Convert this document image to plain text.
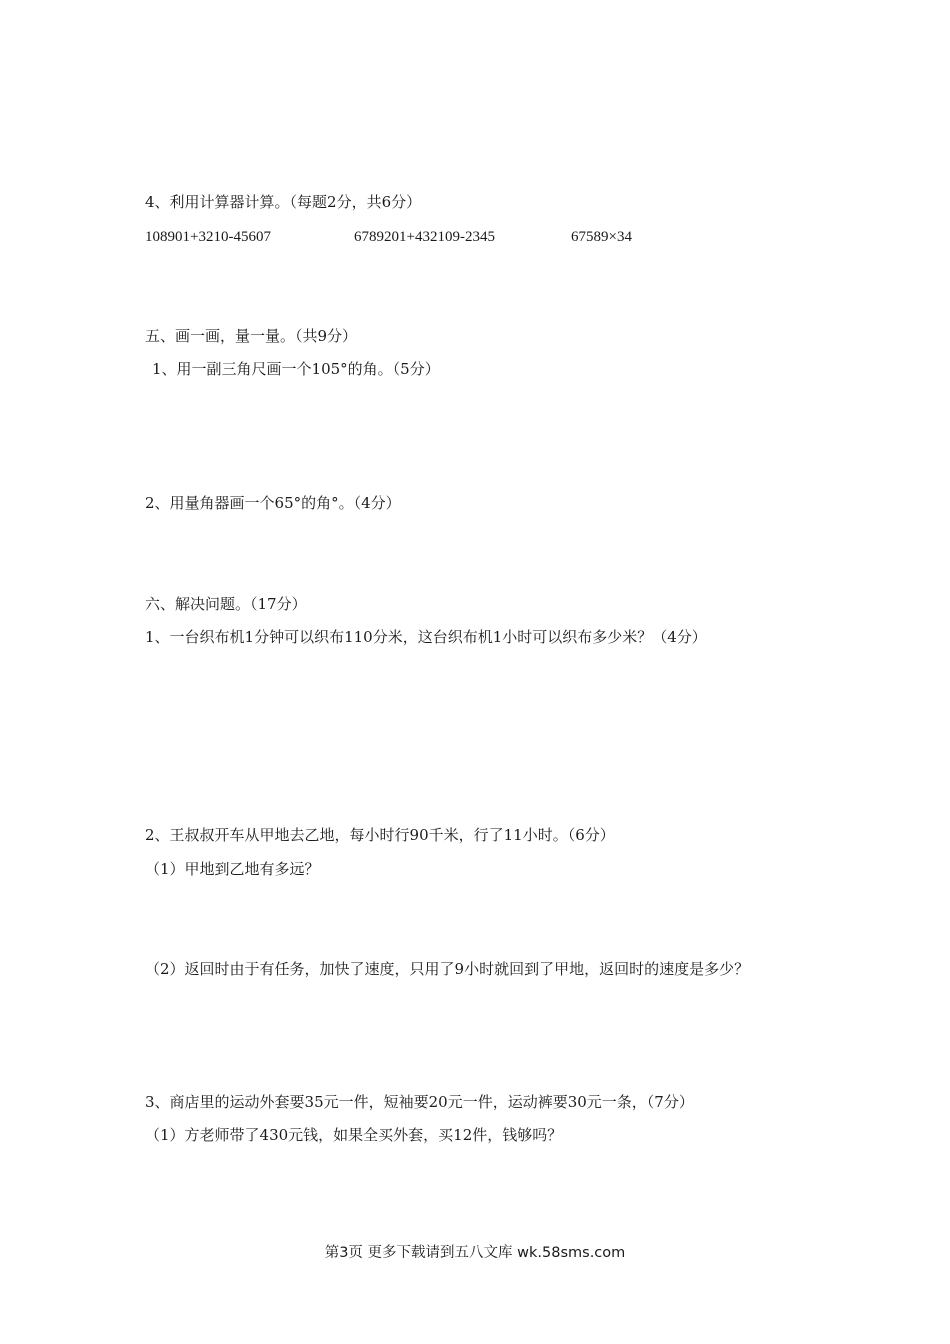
4、利用计算器计算。（每题2分，共6分）
108901+3210-45607	6789201+432109-2345	67589×34
五、画一画，量一量。（共9分）
1、用一副三角尺画一个105°的角。（5分）
2、用量角器画一个65°的角°。（4分）
六、解决问题。（17分）
1、一台织布机1分钟可以织布110分米，这台织布机1小时可以织布多少米？（4分）
2、王叔叔开车从甲地去乙地，每小时行90千米，行了11小时。（6分）
（1）甲地到乙地有多远？
（2）返回时由于有任务，加快了速度，只用了9小时就回到了甲地，返回时的速度是多少？
3、商店里的运动外套要35元一件，短袖要20元一件，运动裤要30元一条，（7分）
（1）方老师带了430元钱，如果全买外套，买12件，钱够吗？
第3页 更多下载请到五八文库 wk.58sms.com
